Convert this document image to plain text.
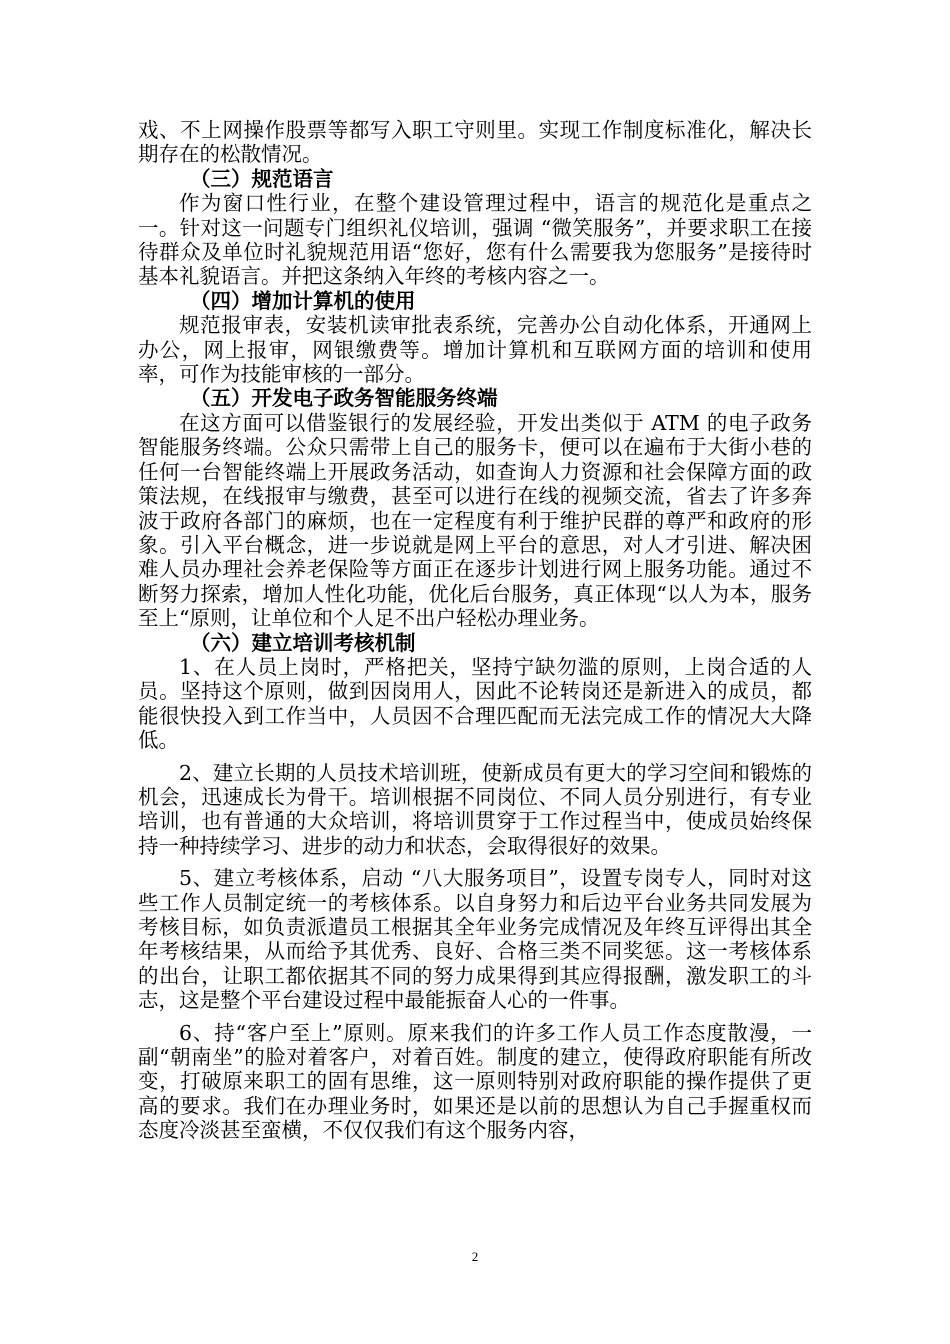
戏、不上网操作股票等都写入职工守则里。实现工作制度标准化，解决长期存在的松散情况。

（三）规范语言

作为窗口性行业，在整个建设管理过程中，语言的规范化是重点之一。针对这一问题专门组织礼仪培训，强调 “微笑服务”，并要求职工在接待群众及单位时礼貌规范用语“您好，您有什么需要我为您服务”是接待时基本礼貌语言。并把这条纳入年终的考核内容之一。

（四）增加计算机的使用

规范报审表，安装机读审批表系统，完善办公自动化体系，开通网上办公，网上报审，网银缴费等。增加计算机和互联网方面的培训和使用率，可作为技能审核的一部分。

（五）开发电子政务智能服务终端

在这方面可以借鉴银行的发展经验，开发出类似于 ATM 的电子政务智能服务终端。公众只需带上自己的服务卡，便可以在遍布于大街小巷的任何一台智能终端上开展政务活动，如查询人力资源和社会保障方面的政策法规，在线报审与缴费，甚至可以进行在线的视频交流，省去了许多奔波于政府各部门的麻烦，也在一定程度有利于维护民群的尊严和政府的形象。引入平台概念，进一步说就是网上平台的意思，对人才引进、解决困难人员办理社会养老保险等方面正在逐步计划进行网上服务功能。通过不断努力探索，增加人性化功能，优化后台服务，真正体现“以人为本，服务至上“原则，让单位和个人足不出户轻松办理业务。

（六）建立培训考核机制

1、在人员上岗时，严格把关，坚持宁缺勿滥的原则，上岗合适的人员。坚持这个原则，做到因岗用人，因此不论转岗还是新进入的成员，都能很快投入到工作当中，人员因不合理匹配而无法完成工作的情况大大降低。

2、建立长期的人员技术培训班，使新成员有更大的学习空间和锻炼的机会，迅速成长为骨干。培训根据不同岗位、不同人员分别进行，有专业培训，也有普通的大众培训，将培训贯穿于工作过程当中，使成员始终保持一种持续学习、进步的动力和状态，会取得很好的效果。

5、建立考核体系，启动 “八大服务项目”，设置专岗专人，同时对这些工作人员制定统一的考核体系。以自身努力和后边平台业务共同发展为考核目标，如负责派遣员工根据其全年业务完成情况及年终互评得出其全年考核结果，从而给予其优秀、良好、合格三类不同奖惩。这一考核体系的出台，让职工都依据其不同的努力成果得到其应得报酬，激发职工的斗志，这是整个平台建设过程中最能振奋人心的一件事。

6、持“客户至上”原则。原来我们的许多工作人员工作态度散漫，一副“朝南坐”的脸对着客户，对着百姓。制度的建立，使得政府职能有所改变，打破原来职工的固有思维，这一原则特别对政府职能的操作提供了更高的要求。我们在办理业务时，如果还是以前的思想认为自己手握重权而态度冷淡甚至蛮横，不仅仅我们有这个服务内容，

2
